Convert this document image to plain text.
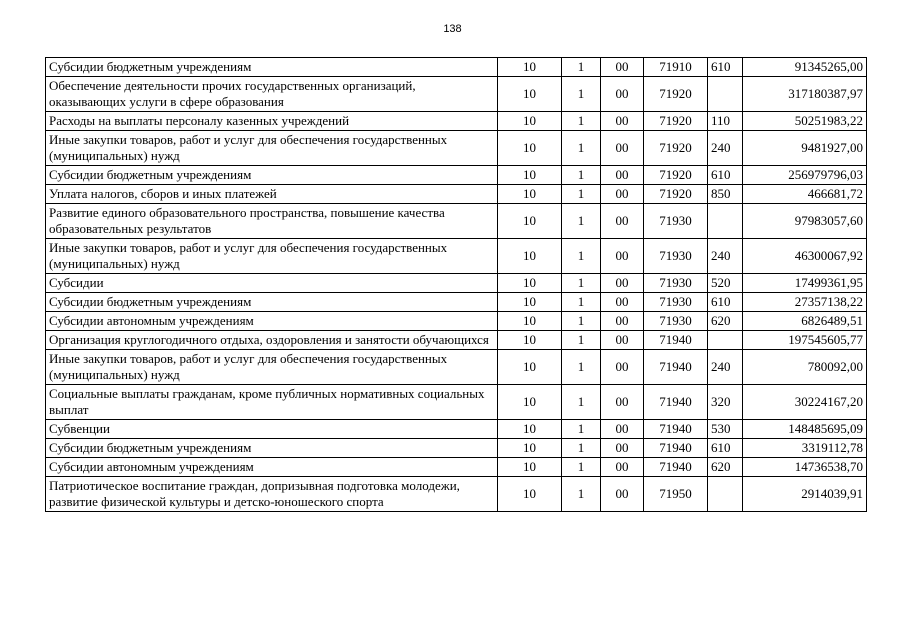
138
Субсидии бюджетным учреждениям	10	1	00	71910	610	91345265,00
Обеспечение деятельности прочих государственных организаций, оказывающих услуги в сфере образования	10	1	00	71920		317180387,97
Расходы на выплаты персоналу казенных учреждений	10	1	00	71920	110	50251983,22
Иные закупки товаров, работ и услуг для обеспечения государственных (муниципальных) нужд	10	1	00	71920	240	9481927,00
Субсидии бюджетным учреждениям	10	1	00	71920	610	256979796,03
Уплата налогов, сборов и иных платежей	10	1	00	71920	850	466681,72
Развитие единого образовательного пространства, повышение качества образовательных результатов	10	1	00	71930		97983057,60
Иные закупки товаров, работ и услуг для обеспечения государственных (муниципальных) нужд	10	1	00	71930	240	46300067,92
Субсидии	10	1	00	71930	520	17499361,95
Субсидии бюджетным учреждениям	10	1	00	71930	610	27357138,22
Субсидии автономным учреждениям	10	1	00	71930	620	6826489,51
Организация круглогодичного отдыха, оздоровления и занятости обучающихся	10	1	00	71940		197545605,77
Иные закупки товаров, работ и услуг для обеспечения государственных (муниципальных) нужд	10	1	00	71940	240	780092,00
Социальные выплаты гражданам, кроме публичных нормативных социальных выплат	10	1	00	71940	320	30224167,20
Субвенции	10	1	00	71940	530	148485695,09
Субсидии бюджетным учреждениям	10	1	00	71940	610	3319112,78
Субсидии автономным учреждениям	10	1	00	71940	620	14736538,70
Патриотическое воспитание граждан, допризывная подготовка молодежи, развитие физической культуры и детско-юношеского спорта	10	1	00	71950		2914039,91
